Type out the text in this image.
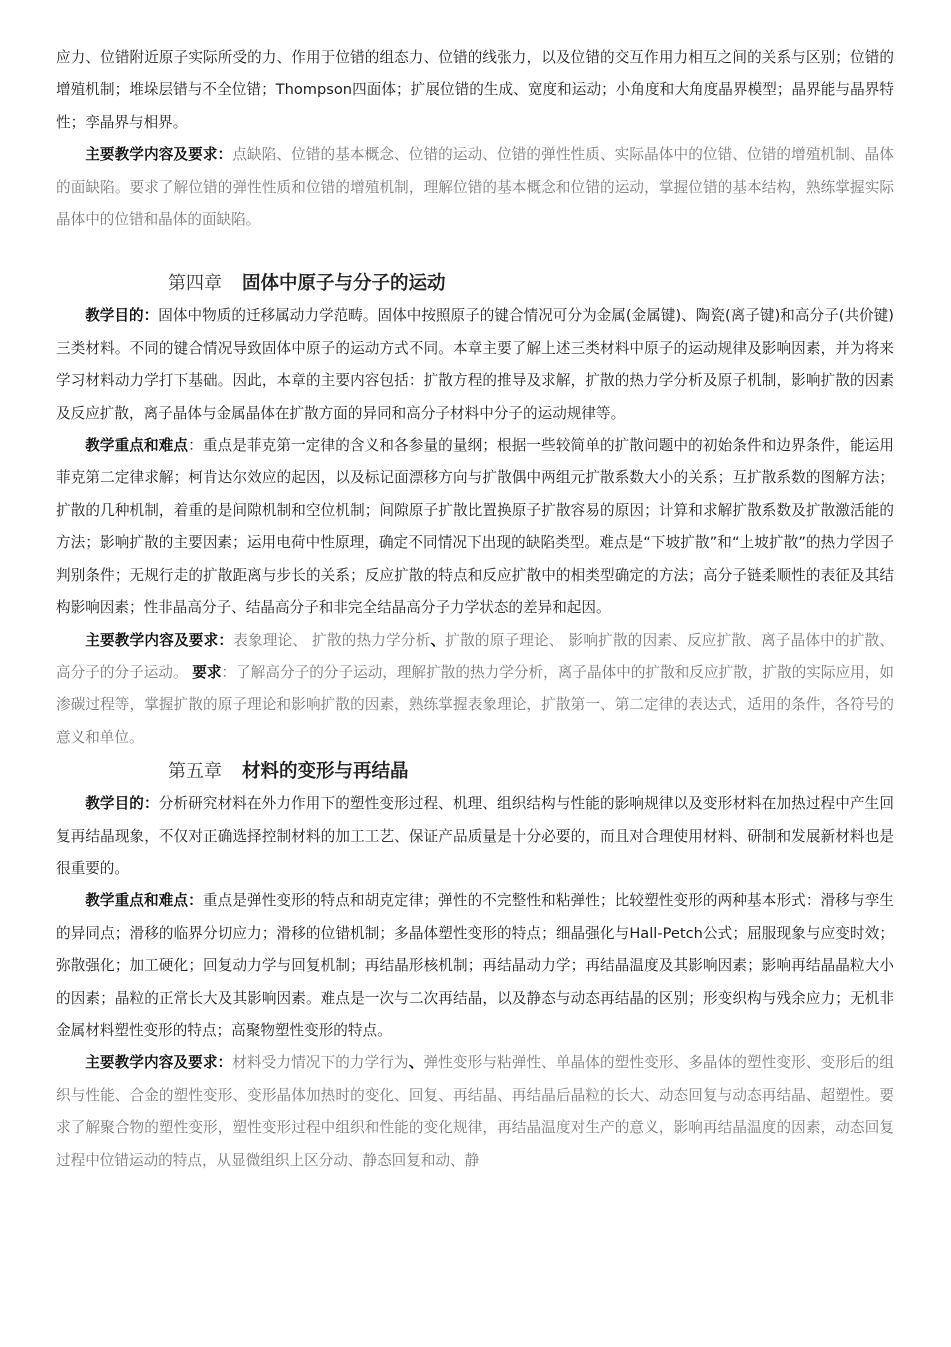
应力、位错附近原子实际所受的力、作用于位错的组态力、位错的线张力，以及位错的交互作用力相互之间的关系与区别；位错的增殖机制；堆垛层错与不全位错；Thompson四面体；扩展位错的生成、宽度和运动；小角度和大角度晶界模型；晶界能与晶界特性；孪晶界与相界。

主要教学内容及要求：点缺陷、位错的基本概念、位错的运动、位错的弹性性质、实际晶体中的位错、位错的增殖机制、晶体的面缺陷。要求了解位错的弹性性质和位错的增殖机制，理解位错的基本概念和位错的运动，掌握位错的基本结构，熟练掌握实际晶体中的位错和晶体的面缺陷。

第四章 固体中原子与分子的运动

教学目的：固体中物质的迁移属动力学范畴。固体中按照原子的键合情况可分为金属(金属键)、陶瓷(离子键)和高分子(共价键)三类材料。不同的键合情况导致固体中原子的运动方式不同。本章主要了解上述三类材料中原子的运动规律及影响因素，并为将来学习材料动力学打下基础。因此，本章的主要内容包括：扩散方程的推导及求解，扩散的热力学分析及原子机制，影响扩散的因素及反应扩散，离子晶体与金属晶体在扩散方面的异同和高分子材料中分子的运动规律等。

教学重点和难点：重点是菲克第一定律的含义和各参量的量纲；根据一些较简单的扩散问题中的初始条件和边界条件，能运用菲克第二定律求解；柯肯达尔效应的起因，以及标记面漂移方向与扩散偶中两组元扩散系数大小的关系；互扩散系数的图解方法；扩散的几种机制，着重的是间隙机制和空位机制；间隙原子扩散比置换原子扩散容易的原因；计算和求解扩散系数及扩散激活能的方法；影响扩散的主要因素；运用电荷中性原理，确定不同情况下出现的缺陷类型。难点是“下坡扩散”和“上坡扩散”的热力学因子判别条件；无规行走的扩散距离与步长的关系；反应扩散的特点和反应扩散中的相类型确定的方法；高分子链柔顺性的表征及其结构影响因素；性非晶高分子、结晶高分子和非完全结晶高分子力学状态的差异和起因。

主要教学内容及要求：表象理论、 扩散的热力学分析、扩散的原子理论、 影响扩散的因素、反应扩散、离子晶体中的扩散、高分子的分子运动。 要求：了解高分子的分子运动，理解扩散的热力学分析，离子晶体中的扩散和反应扩散，扩散的实际应用，如渗碳过程等，掌握扩散的原子理论和影响扩散的因素，熟练掌握表象理论，扩散第一、第二定律的表达式，适用的条件，各符号的意义和单位。

第五章 材料的变形与再结晶

教学目的：分析研究材料在外力作用下的塑性变形过程、机理、组织结构与性能的影响规律以及变形材料在加热过程中产生回复再结晶现象，不仅对正确选择控制材料的加工工艺、保证产品质量是十分必要的，而且对合理使用材料、研制和发展新材料也是很重要的。

教学重点和难点：重点是弹性变形的特点和胡克定律；弹性的不完整性和粘弹性；比较塑性变形的两种基本形式：滑移与孪生的异同点；滑移的临界分切应力；滑移的位错机制；多晶体塑性变形的特点；细晶强化与Hall-Petch公式；屈服现象与应变时效；弥散强化；加工硬化；回复动力学与回复机制；再结晶形核机制；再结晶动力学；再结晶温度及其影响因素；影响再结晶晶粒大小的因素；晶粒的正常长大及其影响因素。难点是一次与二次再结晶，以及静态与动态再结晶的区别；形变织构与残余应力；无机非金属材料塑性变形的特点；高聚物塑性变形的特点。

主要教学内容及要求：材料受力情况下的力学行为、弹性变形与粘弹性、单晶体的塑性变形、多晶体的塑性变形、变形后的组织与性能、合金的塑性变形、变形晶体加热时的变化、回复、再结晶、再结晶后晶粒的长大、动态回复与动态再结晶、超塑性。要求了解聚合物的塑性变形，塑性变形过程中组织和性能的变化规律，再结晶温度对生产的意义，影响再结晶温度的因素，动态回复过程中位错运动的特点，从显微组织上区分动、静态回复和动、静
